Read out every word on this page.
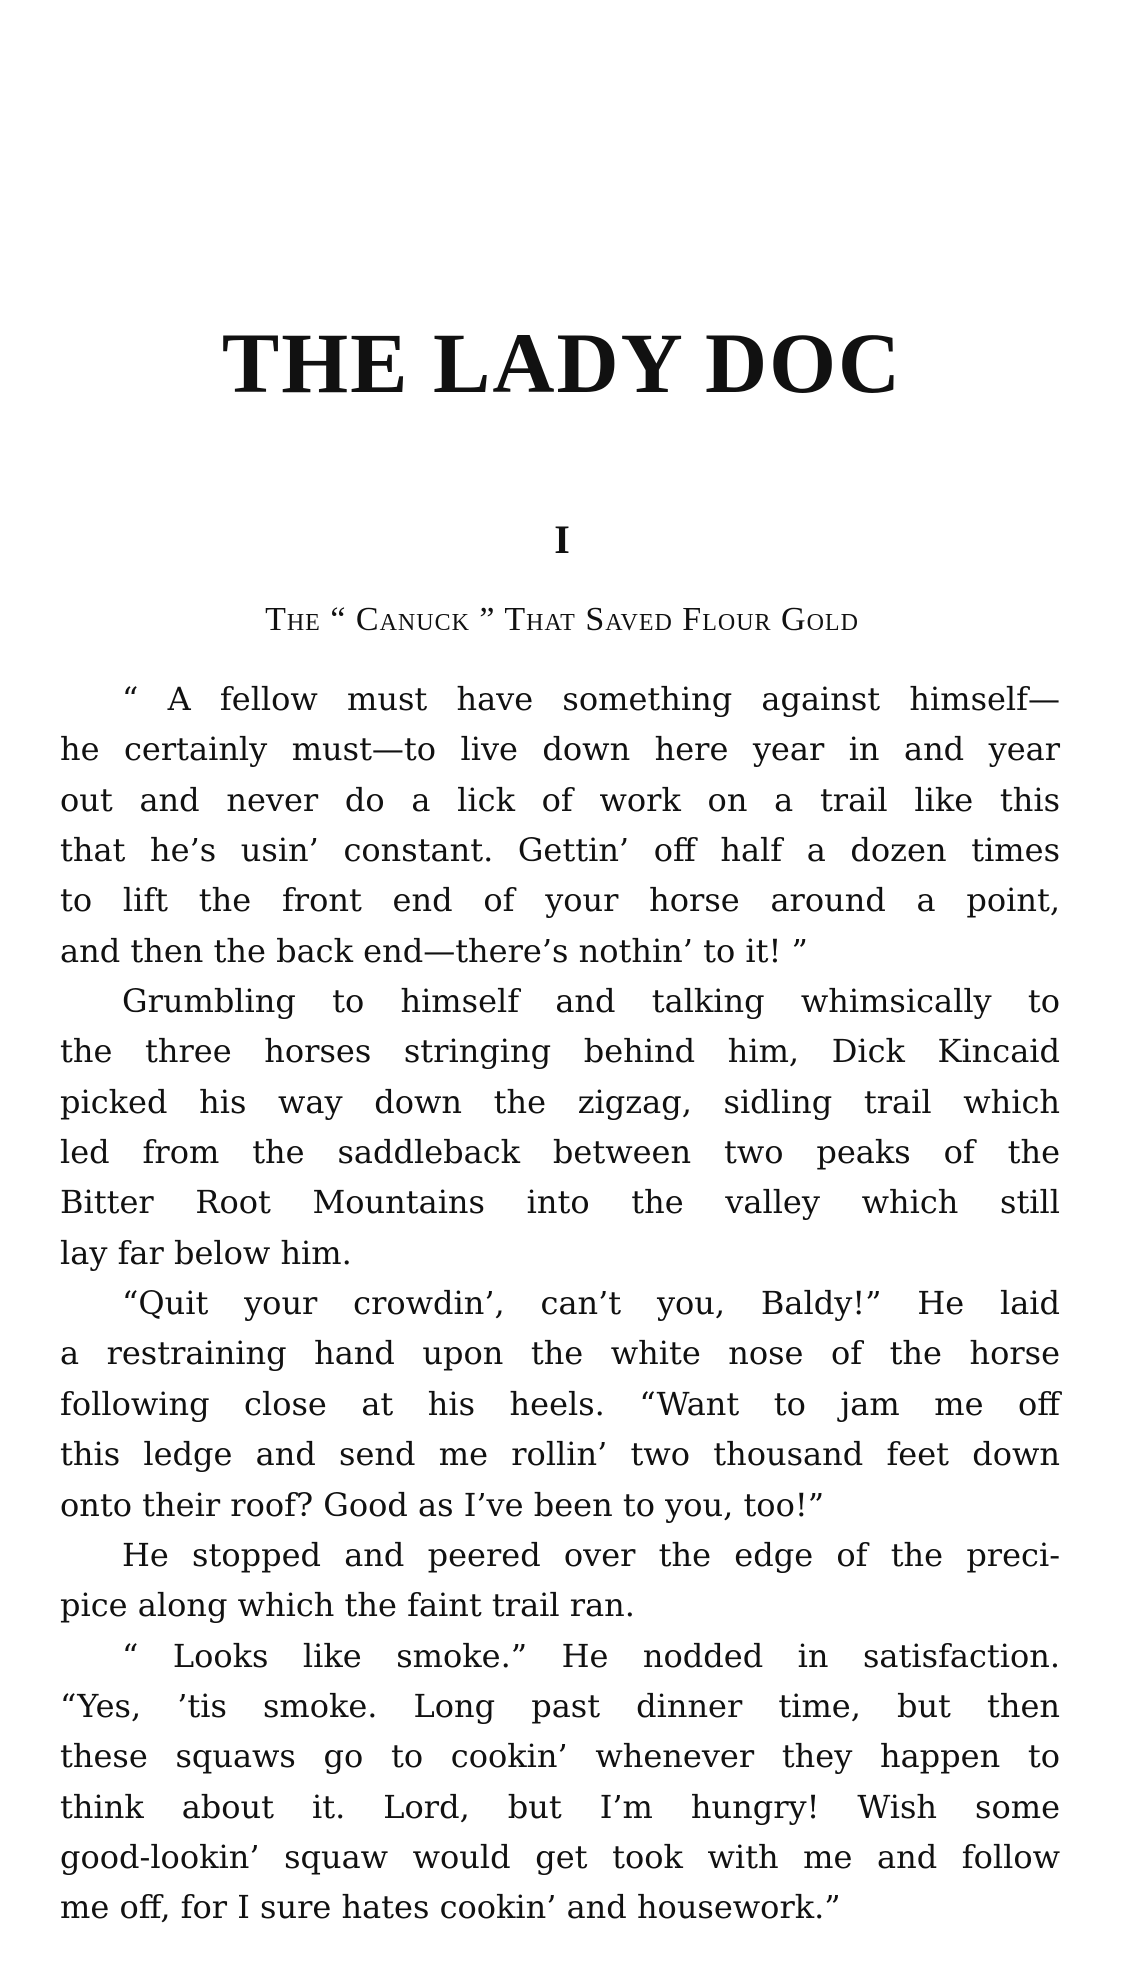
THE LADY DOC
I
The “ Canuck ” That Saved Flour Gold

“ A fellow must have something against himself—
he certainly must—to live down here year in and year
out and never do a lick of work on a trail like this
that he’s usin’ constant. Gettin’ off half a dozen times
to lift the front end of your horse around a point,
and then the back end—there’s nothin’ to it! ”

Grumbling to himself and talking whimsically to
the three horses stringing behind him, Dick Kincaid
picked his way down the zigzag, sidling trail which
led from the saddleback between two peaks of the
Bitter Root Mountains into the valley which still
lay far below him.

“Quit your crowdin’, can’t you, Baldy!” He laid
a restraining hand upon the white nose of the horse
following close at his heels. “Want to jam me off
this ledge and send me rollin’ two thousand feet down
onto their roof? Good as I’ve been to you, too!”

He stopped and peered over the edge of the preci-
pice along which the faint trail ran.

“ Looks like smoke.” He nodded in satisfaction.
“Yes, ’tis smoke. Long past dinner time, but then
these squaws go to cookin’ whenever they happen to
think about it. Lord, but I’m hungry! Wish some
good-lookin’ squaw would get took with me and follow
me off, for I sure hates cookin’ and housework.”
